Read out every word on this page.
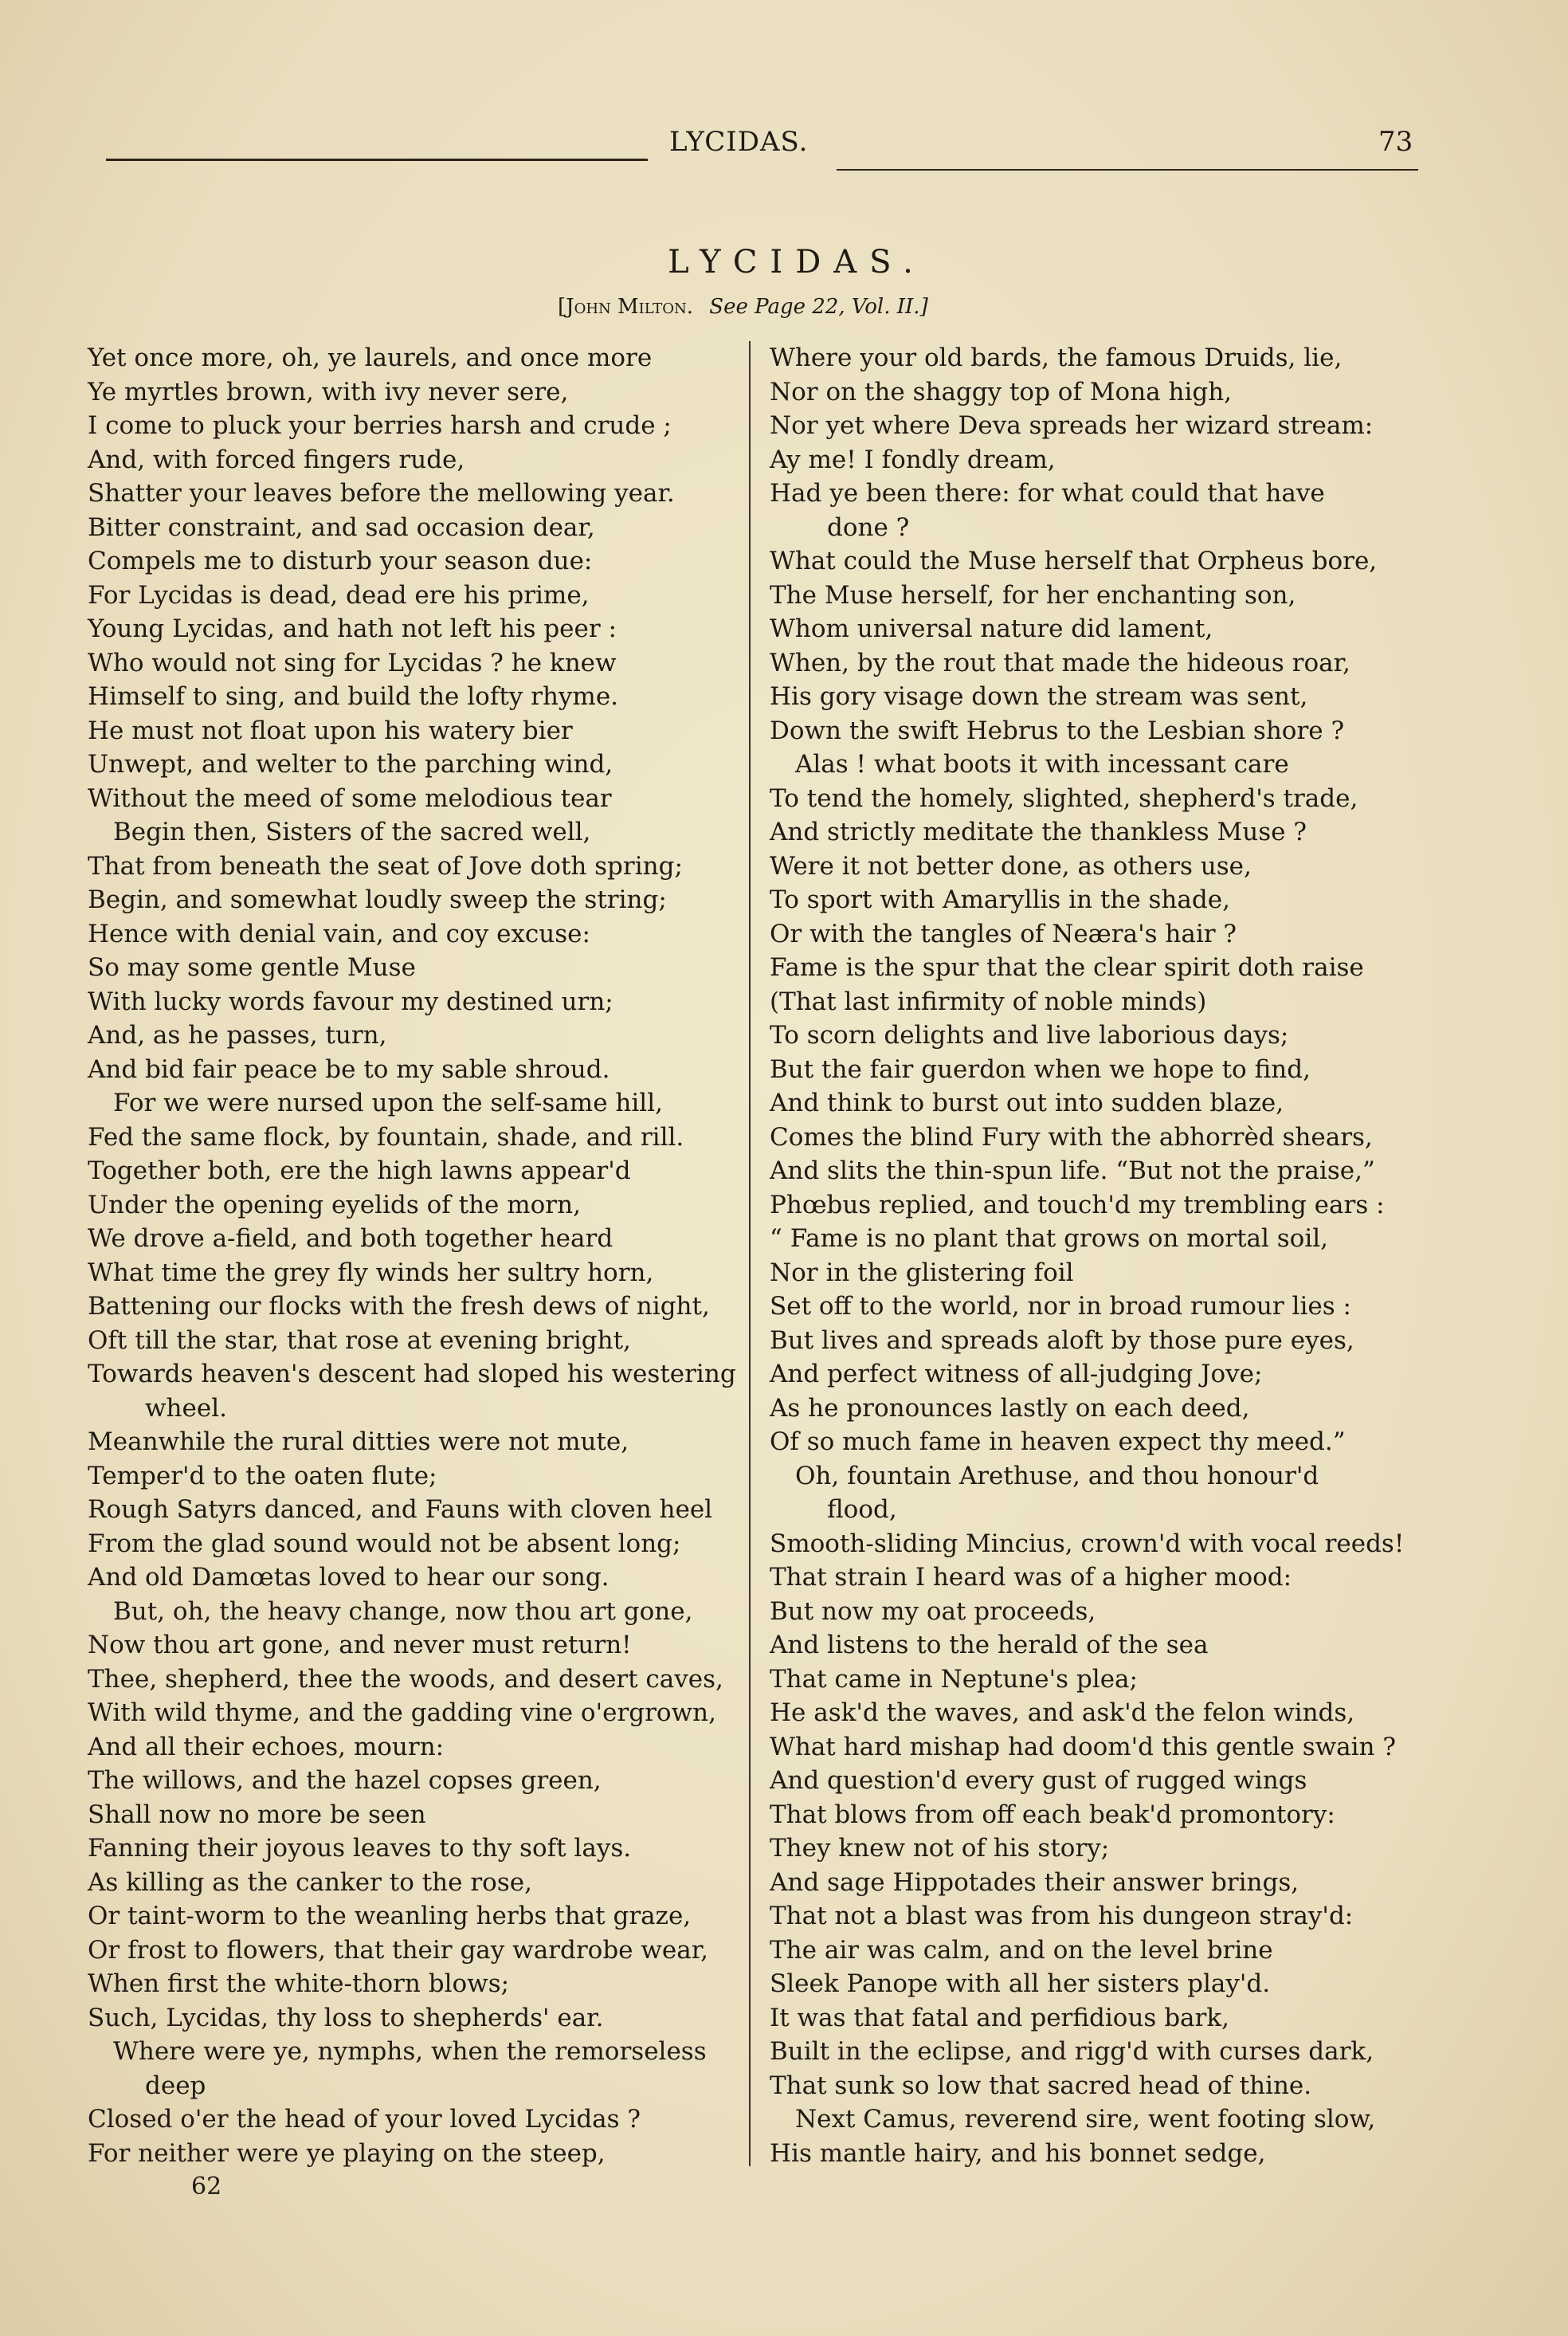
LYCIDAS.	73
LYCIDAS.
[John Milton. See Page 22, Vol. II.]
Yet once more, oh, ye laurels, and once more
Ye myrtles brown, with ivy never sere,
I come to pluck your berries harsh and crude ;
And, with forced fingers rude,
Shatter your leaves before the mellowing year.
Bitter constraint, and sad occasion dear,
Compels me to disturb your season due:
For Lycidas is dead, dead ere his prime,
Young Lycidas, and hath not left his peer :
Who would not sing for Lycidas ? he knew
Himself to sing, and build the lofty rhyme.
He must not float upon his watery bier
Unwept, and welter to the parching wind,
Without the meed of some melodious tear
Begin then, Sisters of the sacred well,
That from beneath the seat of Jove doth spring;
Begin, and somewhat loudly sweep the string;
Hence with denial vain, and coy excuse:
So may some gentle Muse
With lucky words favour my destined urn;
And, as he passes, turn,
And bid fair peace be to my sable shroud.
For we were nursed upon the self-same hill,
Fed the same flock, by fountain, shade, and rill.
Together both, ere the high lawns appear'd
Under the opening eyelids of the morn,
We drove a-field, and both together heard
What time the grey fly winds her sultry horn,
Battening our flocks with the fresh dews of night,
Oft till the star, that rose at evening bright,
Towards heaven's descent had sloped his westering
wheel.
Meanwhile the rural ditties were not mute,
Temper'd to the oaten flute;
Rough Satyrs danced, and Fauns with cloven heel
From the glad sound would not be absent long;
And old Damœtas loved to hear our song.
But, oh, the heavy change, now thou art gone,
Now thou art gone, and never must return!
Thee, shepherd, thee the woods, and desert caves,
With wild thyme, and the gadding vine o'ergrown,
And all their echoes, mourn:
The willows, and the hazel copses green,
Shall now no more be seen
Fanning their joyous leaves to thy soft lays.
As killing as the canker to the rose,
Or taint-worm to the weanling herbs that graze,
Or frost to flowers, that their gay wardrobe wear,
When first the white-thorn blows;
Such, Lycidas, thy loss to shepherds' ear.
Where were ye, nymphs, when the remorseless
deep
Closed o'er the head of your loved Lycidas ?
For neither were ye playing on the steep,
Where your old bards, the famous Druids, lie,
Nor on the shaggy top of Mona high,
Nor yet where Deva spreads her wizard stream:
Ay me! I fondly dream,
Had ye been there: for what could that have
done ?
What could the Muse herself that Orpheus bore,
The Muse herself, for her enchanting son,
Whom universal nature did lament,
When, by the rout that made the hideous roar,
His gory visage down the stream was sent,
Down the swift Hebrus to the Lesbian shore ?
Alas ! what boots it with incessant care
To tend the homely, slighted, shepherd's trade,
And strictly meditate the thankless Muse ?
Were it not better done, as others use,
To sport with Amaryllis in the shade,
Or with the tangles of Neæra's hair ?
Fame is the spur that the clear spirit doth raise
(That last infirmity of noble minds)
To scorn delights and live laborious days;
But the fair guerdon when we hope to find,
And think to burst out into sudden blaze,
Comes the blind Fury with the abhorrèd shears,
And slits the thin-spun life. “But not the praise,”
Phœbus replied, and touch'd my trembling ears :
“ Fame is no plant that grows on mortal soil,
Nor in the glistering foil
Set off to the world, nor in broad rumour lies :
But lives and spreads aloft by those pure eyes,
And perfect witness of all-judging Jove;
As he pronounces lastly on each deed,
Of so much fame in heaven expect thy meed.”
Oh, fountain Arethuse, and thou honour'd
flood,
Smooth-sliding Mincius, crown'd with vocal reeds!
That strain I heard was of a higher mood:
But now my oat proceeds,
And listens to the herald of the sea
That came in Neptune's plea;
He ask'd the waves, and ask'd the felon winds,
What hard mishap had doom'd this gentle swain ?
And question'd every gust of rugged wings
That blows from off each beak'd promontory:
They knew not of his story;
And sage Hippotades their answer brings,
That not a blast was from his dungeon stray'd:
The air was calm, and on the level brine
Sleek Panope with all her sisters play'd.
It was that fatal and perfidious bark,
Built in the eclipse, and rigg'd with curses dark,
That sunk so low that sacred head of thine.
Next Camus, reverend sire, went footing slow,
His mantle hairy, and his bonnet sedge,
62
